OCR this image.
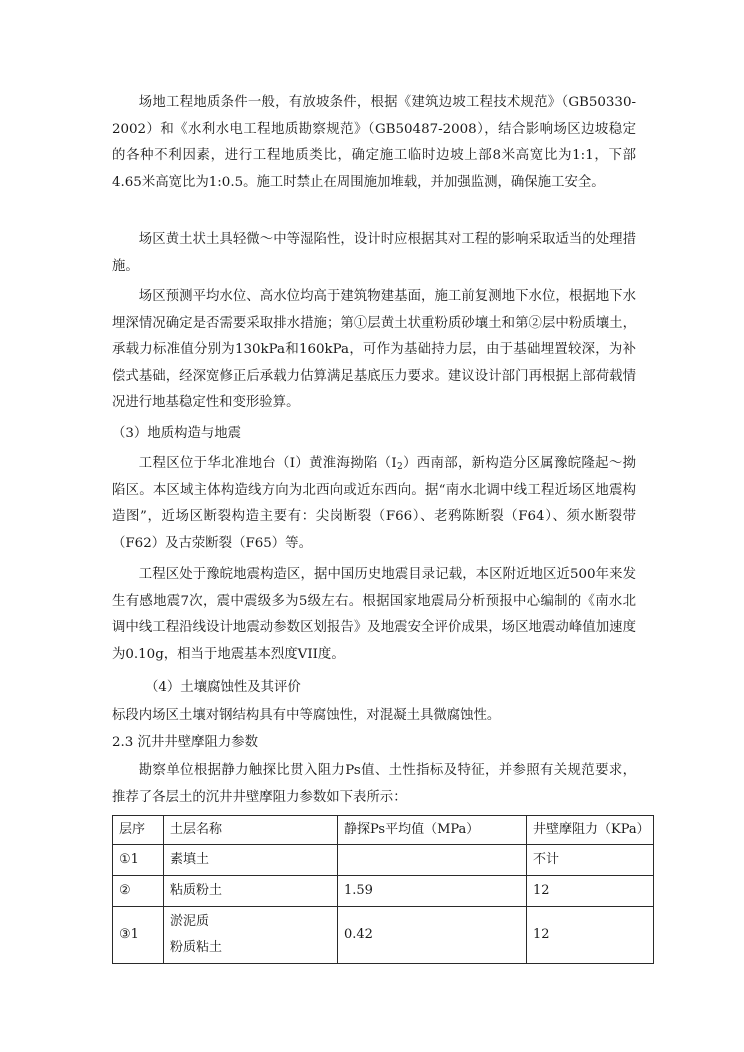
场地工程地质条件一般，有放坡条件，根据《建筑边坡工程技术规范》（GB50330-2002）和《水利水电工程地质勘察规范》（GB50487-2008），结合影响场区边坡稳定的各种不利因素，进行工程地质类比，确定施工临时边坡上部8米高宽比为1:1，下部4.65米高宽比为1:0.5。施工时禁止在周围施加堆载，并加强监测，确保施工安全。

场区黄土状土具轻微～中等湿陷性，设计时应根据其对工程的影响采取适当的处理措施。

场区预测平均水位、高水位均高于建筑物建基面，施工前复测地下水位，根据地下水埋深情况确定是否需要采取排水措施；第①层黄土状重粉质砂壤土和第②层中粉质壤土，承载力标准值分别为130kPa和160kPa，可作为基础持力层，由于基础埋置较深，为补偿式基础，经深宽修正后承载力估算满足基底压力要求。建议设计部门再根据上部荷载情况进行地基稳定性和变形验算。

（3）地质构造与地震

工程区位于华北准地台（Ⅰ）黄淮海拗陷$(Ⅰ_2)$西南部，新构造分区属豫皖隆起～拗陷区。本区域主体构造线方向为北西向或近东西向。据“南水北调中线工程近场区地震构造图”，近场区断裂构造主要有：尖岗断裂（F66）、老鸦陈断裂（F64）、须水断裂带（F62）及古荥断裂（F65）等。

工程区处于豫皖地震构造区，据中国历史地震目录记载，本区附近地区近500年来发生有感地震7次，震中震级多为5级左右。根据国家地震局分析预报中心编制的《南水北调中线工程沿线设计地震动参数区划报告》及地震安全评价成果，场区地震动峰值加速度为0.10g，相当于地震基本烈度VII度。

（4）土壤腐蚀性及其评价

标段内场区土壤对钢结构具有中等腐蚀性，对混凝土具微腐蚀性。

2.3 沉井井壁摩阻力参数

勘察单位根据静力触探比贯入阻力Ps值、土性指标及特征，并参照有关规范要求，推荐了各层土的沉井井壁摩阻力参数如下表所示：

层序	土层名称	静探Ps平均值（MPa）	井壁摩阻力（KPa）
①1	素填土		不计
②	粘质粉土	1.59	12
③1	淤泥质
粉质粘土	0.42	12
